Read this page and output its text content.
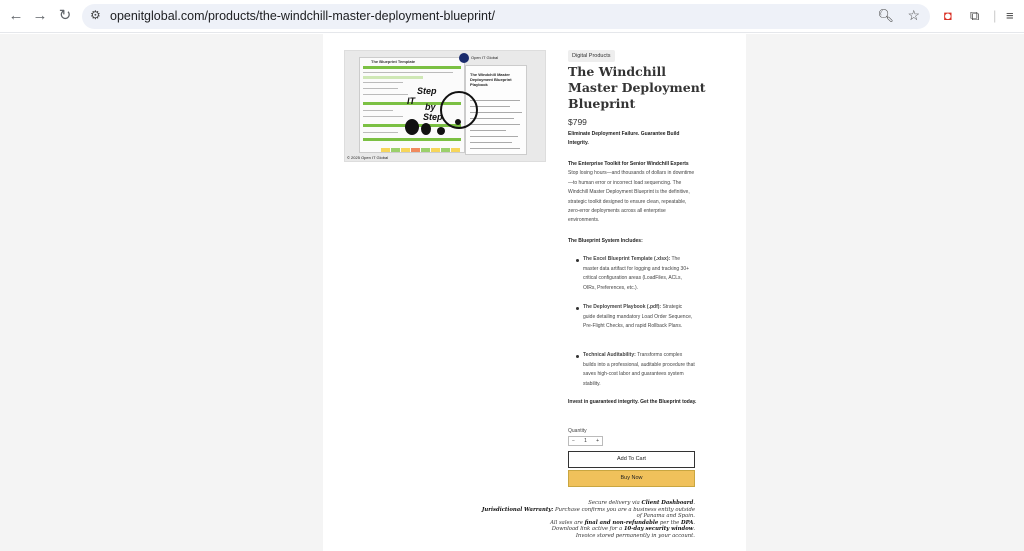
← → ↻	⚙ openitglobal.com/products/the-windchill-master-deployment-blueprint/	🔍︎ ☆ ◘ ⧉ | ≡
The Blueprint Template
The Windchill Master Deployment Blueprint Playbook
Open IT Global
IT
Step
by
Step
© 2025 Open IT Global
Digital Products
The Windchill Master Deployment Blueprint
$799
Eliminate Deployment Failure. Guarantee Build Integrity.
The Enterprise Toolkit for Senior Windchill Experts
Stop losing hours—and thousands of dollars in downtime—to human error or incorrect load sequencing. The Windchill Master Deployment Blueprint is the definitive, strategic toolkit designed to ensure clean, repeatable, zero-error deployments across all enterprise environments.
The Blueprint System Includes:
The Excel Blueprint Template (.xlsx): The master data artifact for logging and tracking 30+ critical configuration areas (LoadFiles, ACLs, OIRs, Preferences, etc.).
The Deployment Playbook (.pdf): Strategic guide detailing mandatory Load Order Sequence, Pre-Flight Checks, and rapid Rollback Plans.
Technical Auditability: Transforms complex builds into a professional, auditable procedure that saves high-cost labor and guarantees system stability.
Invest in guaranteed integrity. Get the Blueprint today.
Quantity
− 1 +
Add To Cart
Buy Now
Secure delivery via Client Dashboard.
Jurisdictional Warranty: Purchase confirms you are a business entity outside
of Panama and Spain.
All sales are final and non-refundable per the DPA.
Download link active for a 10-day security window.
Invoice stored permanently in your account.
